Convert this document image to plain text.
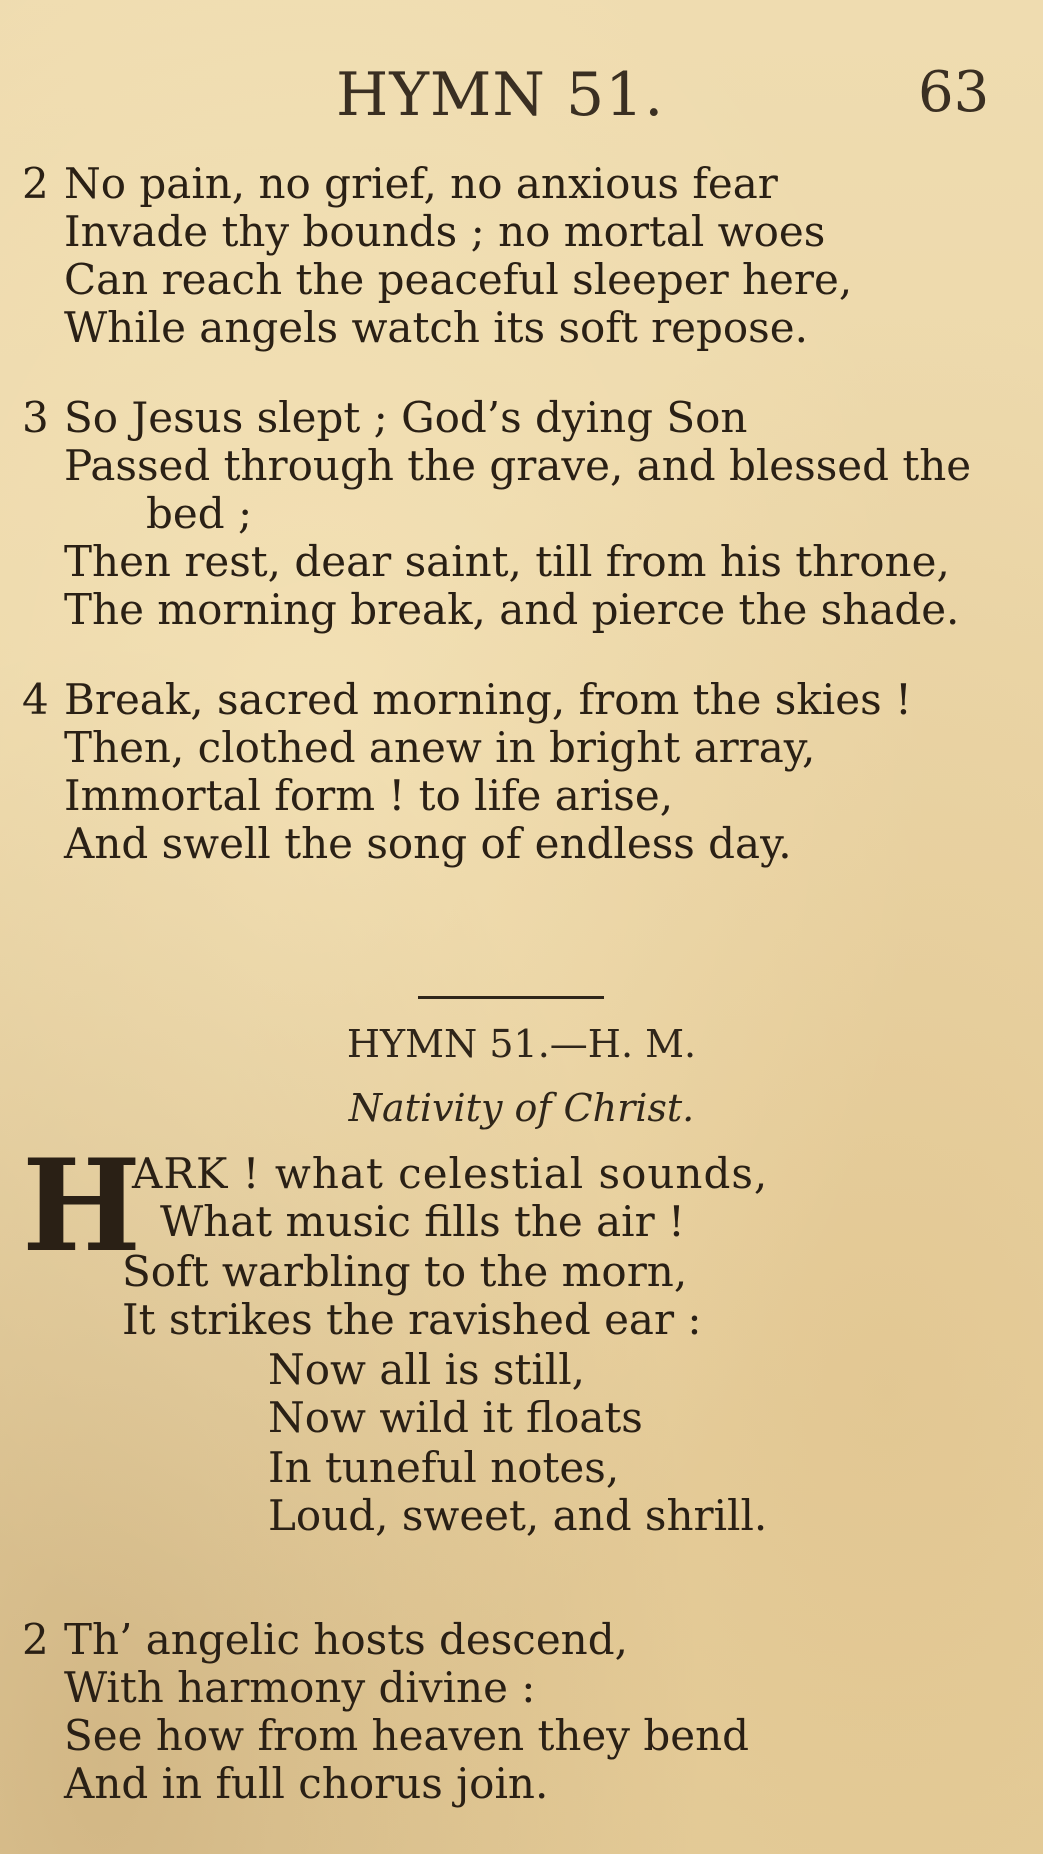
HYMN 51.	63
2 No pain, no grief, no anxious fear
Invade thy bounds ; no mortal woes
Can reach the peaceful sleeper here,
While angels watch its soft repose.
3 So Jesus slept ; God’s dying Son
Passed through the grave, and blessed the
bed ;
Then rest, dear saint, till from his throne,
The morning break, and pierce the shade.
4 Break, sacred morning, from the skies !
Then, clothed anew in bright array,
Immortal form ! to life arise,
And swell the song of endless day.
HYMN 51.—H. M.
Nativity of Christ.
H
ARK ! what celestial sounds,
What music fills the air !
Soft warbling to the morn,
It strikes the ravished ear :
Now all is still,
Now wild it floats
In tuneful notes,
Loud, sweet, and shrill.
2 Th’ angelic hosts descend,
With harmony divine :
See how from heaven they bend
And in full chorus join.
